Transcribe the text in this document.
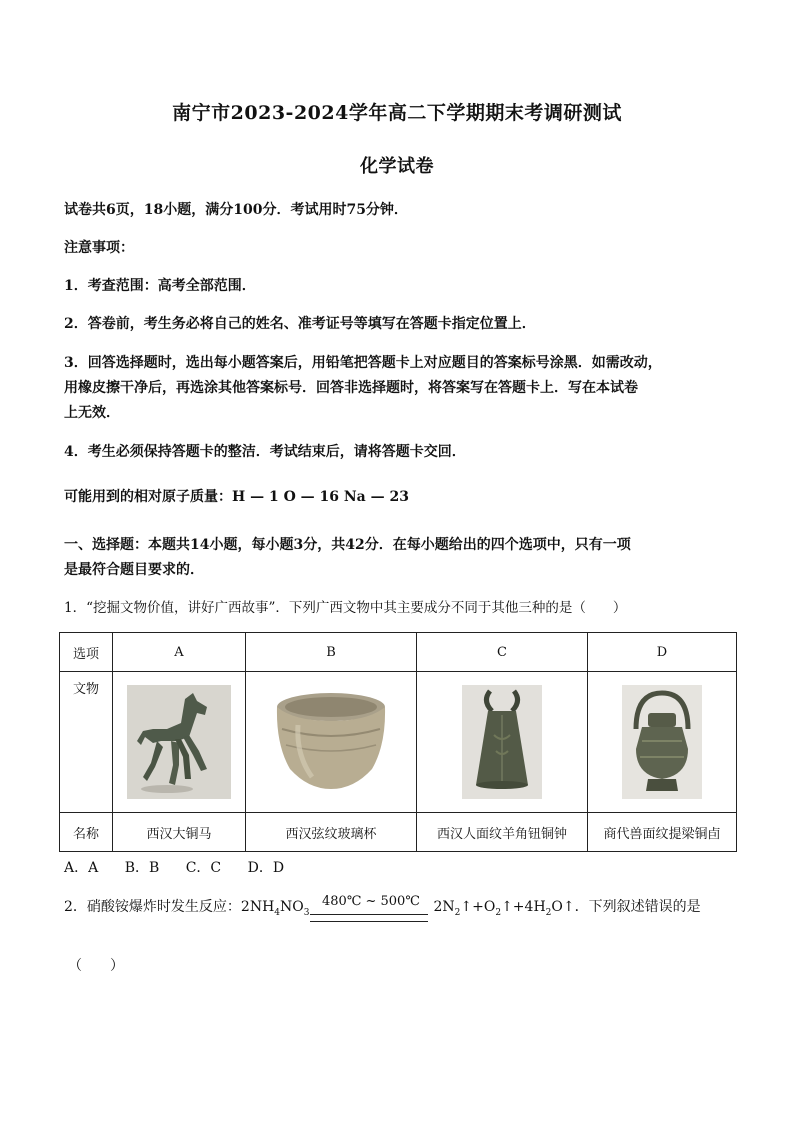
南宁市2023-2024学年高二下学期期末考调研测试
化学试卷
试卷共6页，18小题，满分100分．考试用时75分钟．
注意事项：
1．考查范围：高考全部范围．
2．答卷前，考生务必将自己的姓名、准考证号等填写在答题卡指定位置上．
3．回答选择题时，选出每小题答案后，用铅笔把答题卡上对应题目的答案标号涂黑．如需改动，
用橡皮擦干净后，再选涂其他答案标号．回答非选择题时，将答案写在答题卡上．写在本试卷
上无效．
4．考生必须保持答题卡的整洁．考试结束后，请将答题卡交回．
可能用到的相对原子质量：H — 1 O — 16 Na — 23
一、选择题：本题共14小题，每小题3分，共42分．在每小题给出的四个选项中，只有一项
是最符合题目要求的．
1．“挖掘文物价值，讲好广西故事”．下列广西文物中其主要成分不同于其他三种的是（　　）
选项	A	B	C	D
文物	

名称	西汉大铜马	西汉弦纹玻璃杯	西汉人面纹羊角钮铜钟	商代兽面纹提梁铜卣
A．A B．B C．C D．D
480℃ ~ 500℃
2．硝酸铵爆炸时发生反应：$2NH_4NO_3$	$2N_2↑+O_2↑+4H_2O↑$．下列叙述错误的是
（　　）
